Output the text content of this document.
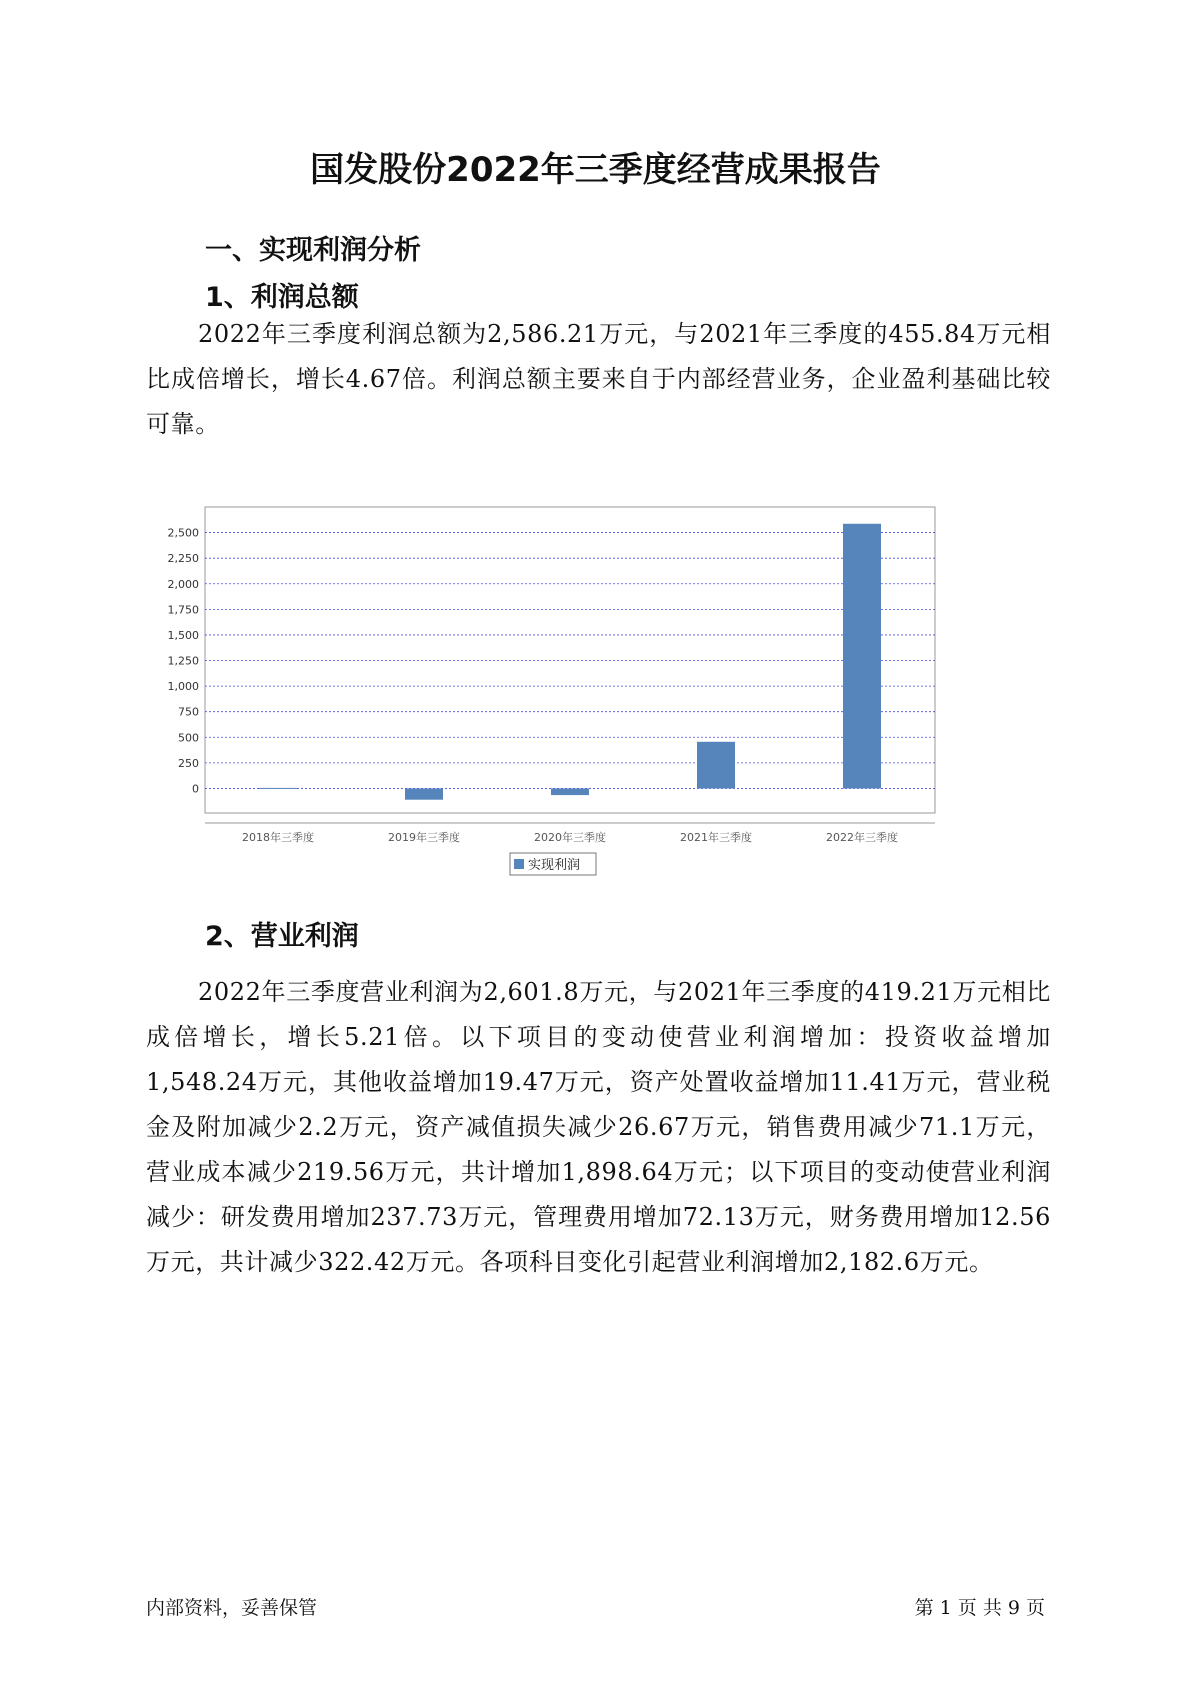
国发股份2022年三季度经营成果报告
一、实现利润分析
1、利润总额
2022年三季度利润总额为2,586.21万元，与2021年三季度的455.84万元相比成倍增长，增长4.67倍。利润总额主要来自于内部经营业务，企业盈利基础比较可靠。
0
250
500
750
1,000
1,250
1,500
1,750
2,000
2,250
2,500
2018年三季度	2019年三季度	2020年三季度	2021年三季度	2022年三季度
实现利润
2、营业利润
2022年三季度营业利润为2,601.8万元，与2021年三季度的419.21万元相比成倍增长，增长5.21倍。以下项目的变动使营业利润增加：投资收益增加1,548.24万元，其他收益增加19.47万元，资产处置收益增加11.41万元，营业税金及附加减少2.2万元，资产减值损失减少26.67万元，销售费用减少71.1万元，营业成本减少219.56万元，共计增加1,898.64万元；以下项目的变动使营业利润减少：研发费用增加237.73万元，管理费用增加72.13万元，财务费用增加12.56万元，共计减少322.42万元。各项科目变化引起营业利润增加2,182.6万元。
内部资料，妥善保管	第 1 页 共 9 页
